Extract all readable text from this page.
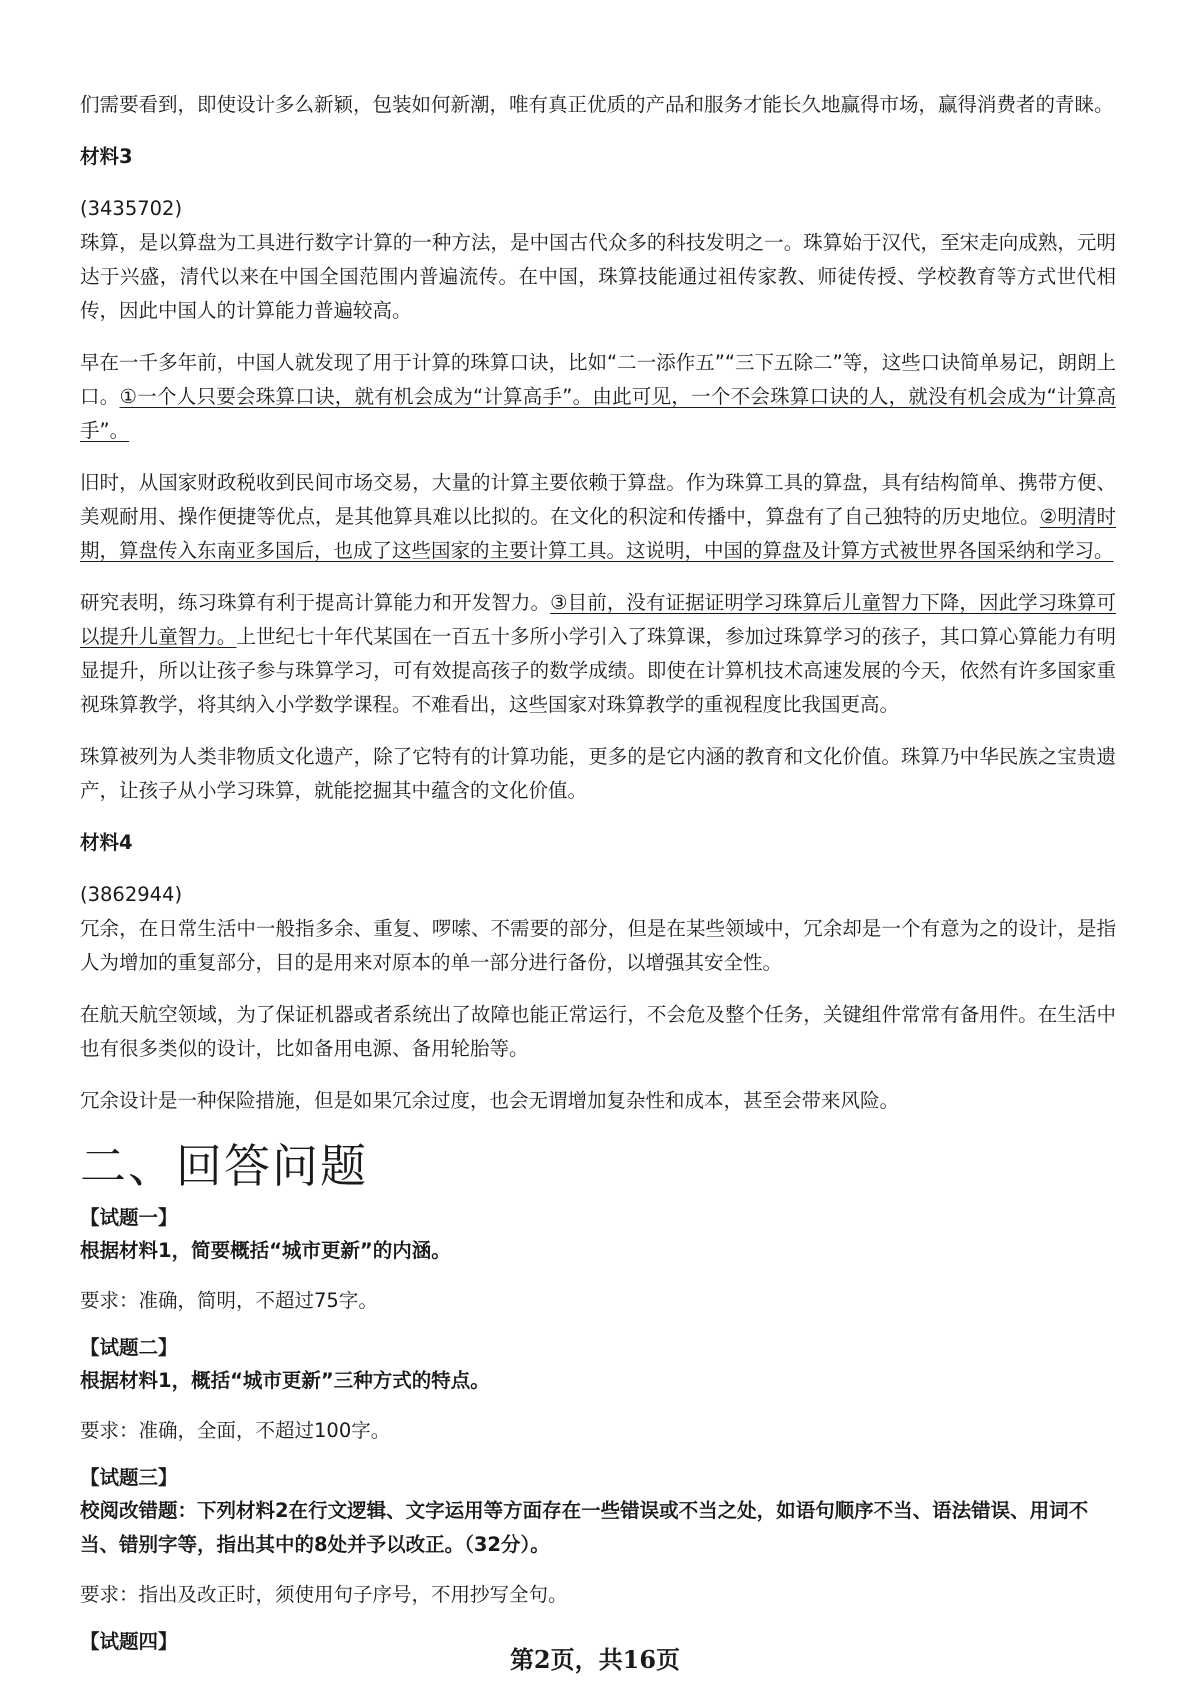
们需要看到，即使设计多么新颖，包装如何新潮，唯有真正优质的产品和服务才能长久地赢得市场，赢得消费者的青睐。

材料3

(3435702)

珠算，是以算盘为工具进行数字计算的一种方法，是中国古代众多的科技发明之一。珠算始于汉代，至宋走向成熟，元明达于兴盛，清代以来在中国全国范围内普遍流传。在中国，珠算技能通过祖传家教、师徒传授、学校教育等方式世代相传，因此中国人的计算能力普遍较高。

早在一千多年前，中国人就发现了用于计算的珠算口诀，比如“二一添作五”“三下五除二”等，这些口诀简单易记，朗朗上口。①一个人只要会珠算口诀，就有机会成为“计算高手”。由此可见，一个不会珠算口诀的人，就没有机会成为“计算高手”。

旧时，从国家财政税收到民间市场交易，大量的计算主要依赖于算盘。作为珠算工具的算盘，具有结构简单、携带方便、美观耐用、操作便捷等优点，是其他算具难以比拟的。在文化的积淀和传播中，算盘有了自己独特的历史地位。②明清时期，算盘传入东南亚多国后，也成了这些国家的主要计算工具。这说明，中国的算盘及计算方式被世界各国采纳和学习。

研究表明，练习珠算有利于提高计算能力和开发智力。③目前，没有证据证明学习珠算后儿童智力下降，因此学习珠算可以提升儿童智力。上世纪七十年代某国在一百五十多所小学引入了珠算课，参加过珠算学习的孩子，其口算心算能力有明显提升，所以让孩子参与珠算学习，可有效提高孩子的数学成绩。即使在计算机技术高速发展的今天，依然有许多国家重视珠算教学，将其纳入小学数学课程。不难看出，这些国家对珠算教学的重视程度比我国更高。

珠算被列为人类非物质文化遗产，除了它特有的计算功能，更多的是它内涵的教育和文化价值。珠算乃中华民族之宝贵遗产，让孩子从小学习珠算，就能挖掘其中蕴含的文化价值。

材料4

(3862944)

冗余，在日常生活中一般指多余、重复、啰嗦、不需要的部分，但是在某些领域中，冗余却是一个有意为之的设计，是指人为增加的重复部分，目的是用来对原本的单一部分进行备份，以增强其安全性。

在航天航空领域，为了保证机器或者系统出了故障也能正常运行，不会危及整个任务，关键组件常常有备用件。在生活中也有很多类似的设计，比如备用电源、备用轮胎等。

冗余设计是一种保险措施，但是如果冗余过度，也会无谓增加复杂性和成本，甚至会带来风险。

二、回答问题
【试题一】
根据材料1，简要概括“城市更新”的内涵。

要求：准确，简明，不超过75字。

【试题二】
根据材料1，概括“城市更新”三种方式的特点。

要求：准确，全面，不超过100字。

【试题三】
校阅改错题：下列材料2在行文逻辑、文字运用等方面存在一些错误或不当之处，如语句顺序不当、语法错误、用词不当、错别字等，指出其中的8处并予以改正。（32分）。

要求：指出及改正时，须使用句子序号，不用抄写全句。

【试题四】
第2页，共16页
